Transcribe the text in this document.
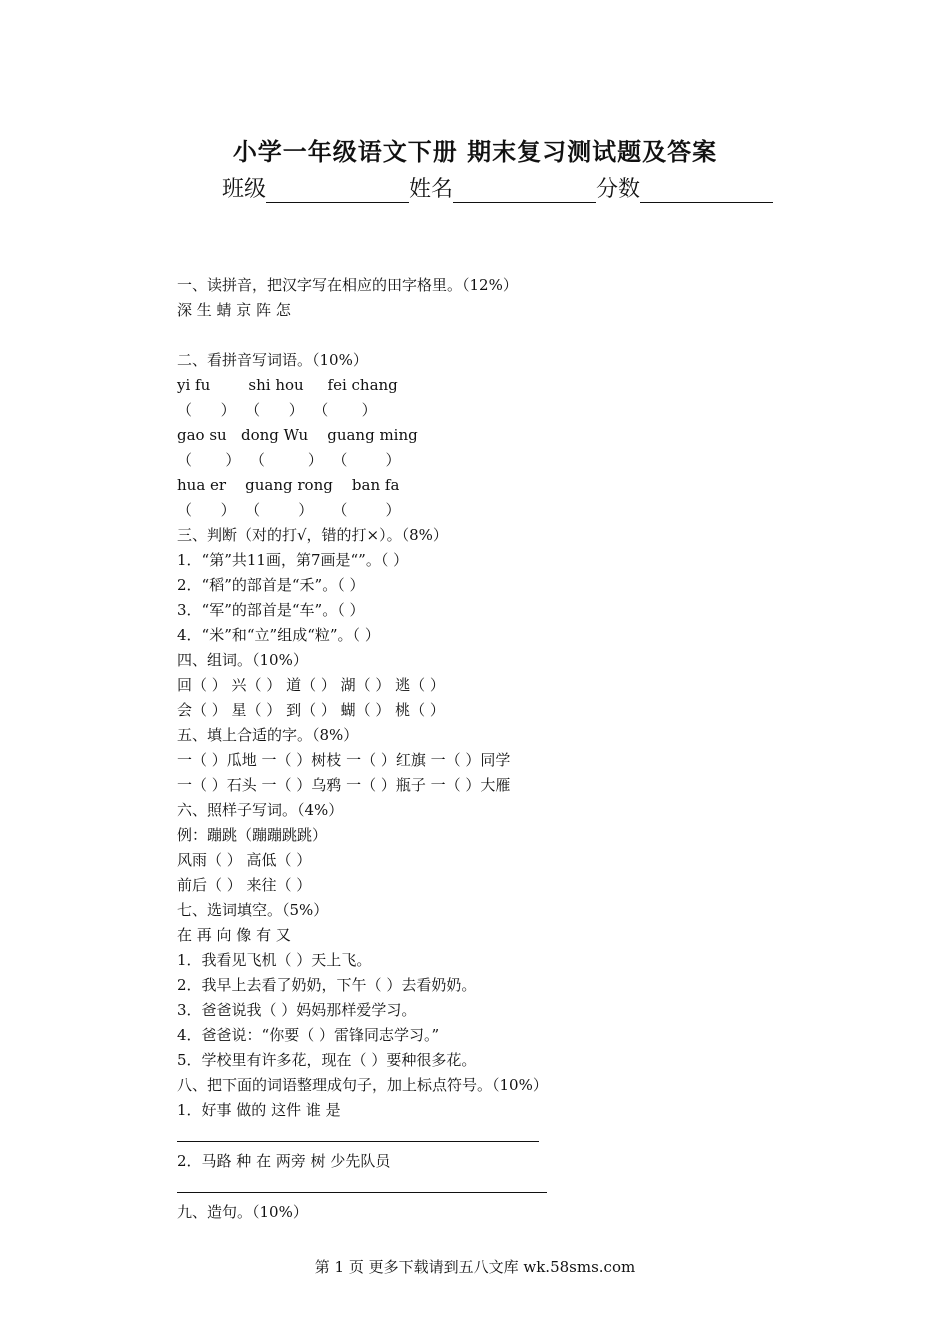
小学一年级语文下册 期末复习测试题及答案
班级	姓名	分数
一、读拼音，把汉字写在相应的田字格里。（12%）
深 生 蜻 京 阵 怎
二、看拼音写词语。（10%）
yi fu        shi hou     fei chang
（      ）  （      ）  （       ）
gao su   dong Wu    guang ming
（       ）  （         ）  （        ）
hua er    guang rong    ban fa
（      ）  （        ）    （        ）
三、判断（对的打√，错的打×）。（8%）
1．“第”共11画，第7画是“”。（ ）
2．“稻”的部首是“禾”。（ ）
3．“军”的部首是“车”。（ ）
4．“米”和“立”组成“粒”。（ ）
四、组词。（10%）
回（ ） 兴（ ） 道（ ） 湖（ ） 逃（ ）
会（ ） 星（ ） 到（ ） 蝴（ ） 桃（ ）
五、填上合适的字。（8%）
一（ ）瓜地 一（ ）树枝 一（ ）红旗 一（ ）同学
一（ ）石头 一（ ）乌鸦 一（ ）瓶子 一（ ）大雁
六、照样子写词。（4%）
例：蹦跳（蹦蹦跳跳）
风雨（ ） 高低（ ）
前后（ ） 来往（ ）
七、选词填空。（5%）
在 再 向 像 有 又
1．我看见飞机（ ）天上飞。
2．我早上去看了奶奶，下午（ ）去看奶奶。
3．爸爸说我（ ）妈妈那样爱学习。
4．爸爸说：“你要（ ）雷锋同志学习。”
5．学校里有许多花，现在（ ）要种很多花。
八、把下面的词语整理成句子，加上标点符号。（10%）
1．好事 做的 这件 谁 是
2．马路 种 在 两旁 树 少先队员
九、造句。（10%）
第 1 页 更多下载请到五八文库 wk.58sms.com
